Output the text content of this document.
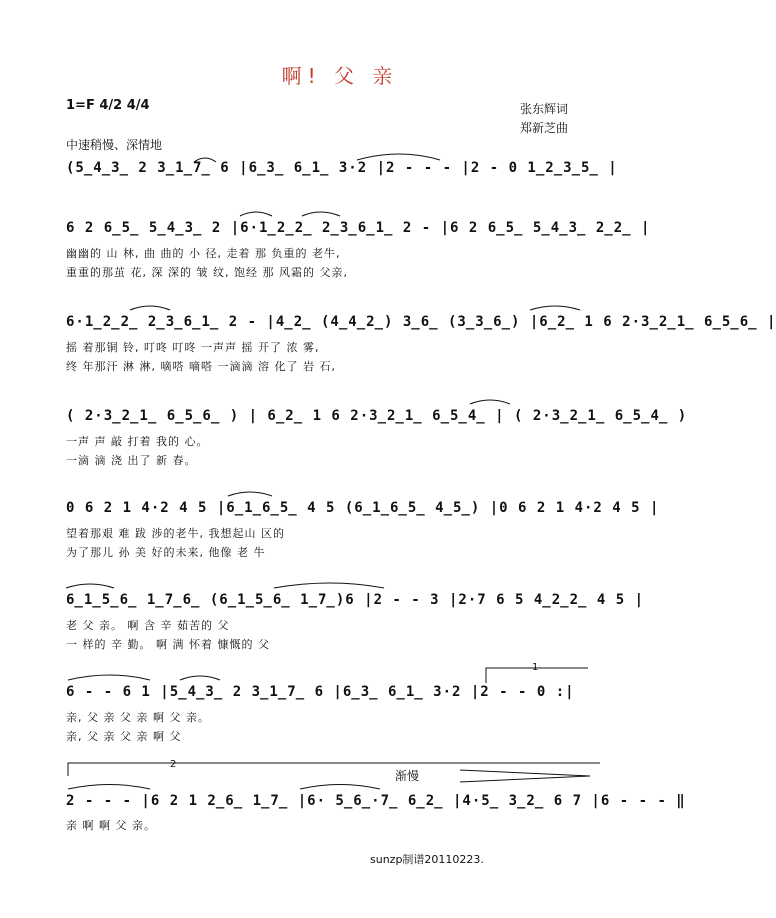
啊! 父 亲
1=F 4/2 4/4	张东辉词
郑新芝曲
中速稍慢、深情地
(5̲4̲3̲ 2 3̲1̲7̲ 6 |6̲3̲ 6̲1̲ 3·2 |2 - - - |2 - 0 1̲2̲3̲5̲ |
6 2 6̲5̲ 5̲4̲3̲ 2 |6·1̲2̲2̲ 2̲3̲6̲1̲ 2 - |6 2 6̲5̲ 5̲4̲3̲ 2̲2̲ |
幽幽的 山 林, 曲 曲的 小 径, 走着 那 负重的 老牛,
重重的那茧 花, 深 深的 皱 纹, 饱经 那 风霜的 父亲,
6·1̲2̲2̲ 2̲3̲6̲1̲ 2 - |4̲2̲ (4̲4̲2̲) 3̲6̲ (3̲3̲6̲) |6̲2̲ 1 6 2·3̲2̲1̲ 6̲5̲6̲ |
摇 着那铜 铃, 叮咚 叮咚 一声声 摇 开了 浓 雾,
终 年那汗 淋 淋, 嘀嗒 嘀嗒 一滴滴 溶 化了 岩 石,
( 2·3̲2̲1̲ 6̲5̲6̲ ) | 6̲2̲ 1 6 2·3̲2̲1̲ 6̲5̲4̲ | ( 2·3̲2̲1̲ 6̲5̲4̲ )
一声 声 敲 打着 我的 心。
一滴 滴 浇 出了 新 春。
0 6 2 1 4·2 4 5 |6̲1̲6̲5̲ 4 5 (6̲1̲6̲5̲ 4̲5̲) |0 6 2 1 4·2 4 5 |
望着那艰 难 跋 涉的老牛, 我想起山 区的
为了那儿 孙 美 好的未来, 他像 老 牛
6̲1̲5̲6̲ 1̲7̲6̲ (6̲1̲5̲6̲ 1̲7̲)6 |2 - - 3 |2·7 6 5 4̲2̲2̲ 4 5 |
老 父 亲。 啊 含 辛 茹苦的 父
一 样的 辛 勤。 啊 满 怀着 慷慨的 父
1
6 - - 6 1 |5̲4̲3̲ 2 3̲1̲7̲ 6 |6̲3̲ 6̲1̲ 3·2 |2 - - 0 :|
亲, 父 亲 父 亲 啊 父 亲。
亲, 父 亲 父 亲 啊 父
2
渐慢
2 - - - |6 2 1 2̲6̲ 1̲7̲ |6· 5̲6̲·7̲ 6̲2̲ |4·5̲ 3̲2̲ 6 7 |6 - - - ‖
亲 啊 啊 父 亲。
sunzp制谱20110223.
